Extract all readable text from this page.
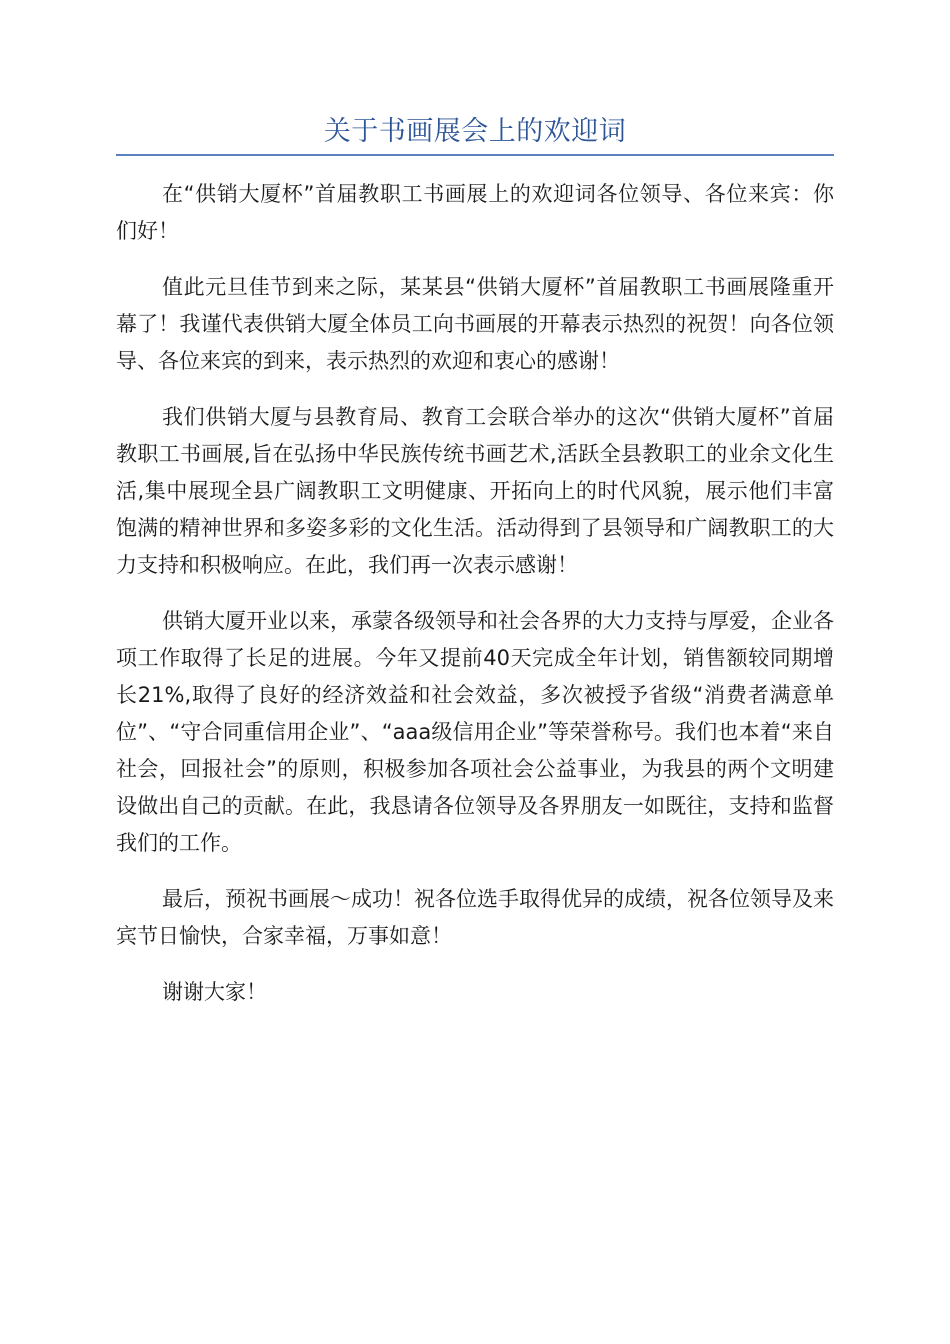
关于书画展会上的欢迎词

在“供销大厦杯”首届教职工书画展上的欢迎词各位领导、各位来宾：你们好！

值此元旦佳节到来之际，某某县“供销大厦杯”首届教职工书画展隆重开幕了！我谨代表供销大厦全体员工向书画展的开幕表示热烈的祝贺！向各位领导、各位来宾的到来，表示热烈的欢迎和衷心的感谢！

我们供销大厦与县教育局、教育工会联合举办的这次“供销大厦杯”首届教职工书画展,旨在弘扬中华民族传统书画艺术,活跃全县教职工的业余文化生活,集中展现全县广阔教职工文明健康、开拓向上的时代风貌，展示他们丰富饱满的精神世界和多姿多彩的文化生活。活动得到了县领导和广阔教职工的大力支持和积极响应。在此，我们再一次表示感谢！

供销大厦开业以来，承蒙各级领导和社会各界的大力支持与厚爱，企业各项工作取得了长足的进展。今年又提前40天完成全年计划，销售额较同期增长21%,取得了良好的经济效益和社会效益，多次被授予省级“消费者满意单位”、“守合同重信用企业”、“aaa级信用企业”等荣誉称号。我们也本着“来自社会，回报社会”的原则，积极参加各项社会公益事业，为我县的两个文明建设做出自己的贡献。在此，我恳请各位领导及各界朋友一如既往，支持和监督我们的工作。

最后，预祝书画展～成功！祝各位选手取得优异的成绩，祝各位领导及来宾节日愉快，合家幸福，万事如意！

谢谢大家！
